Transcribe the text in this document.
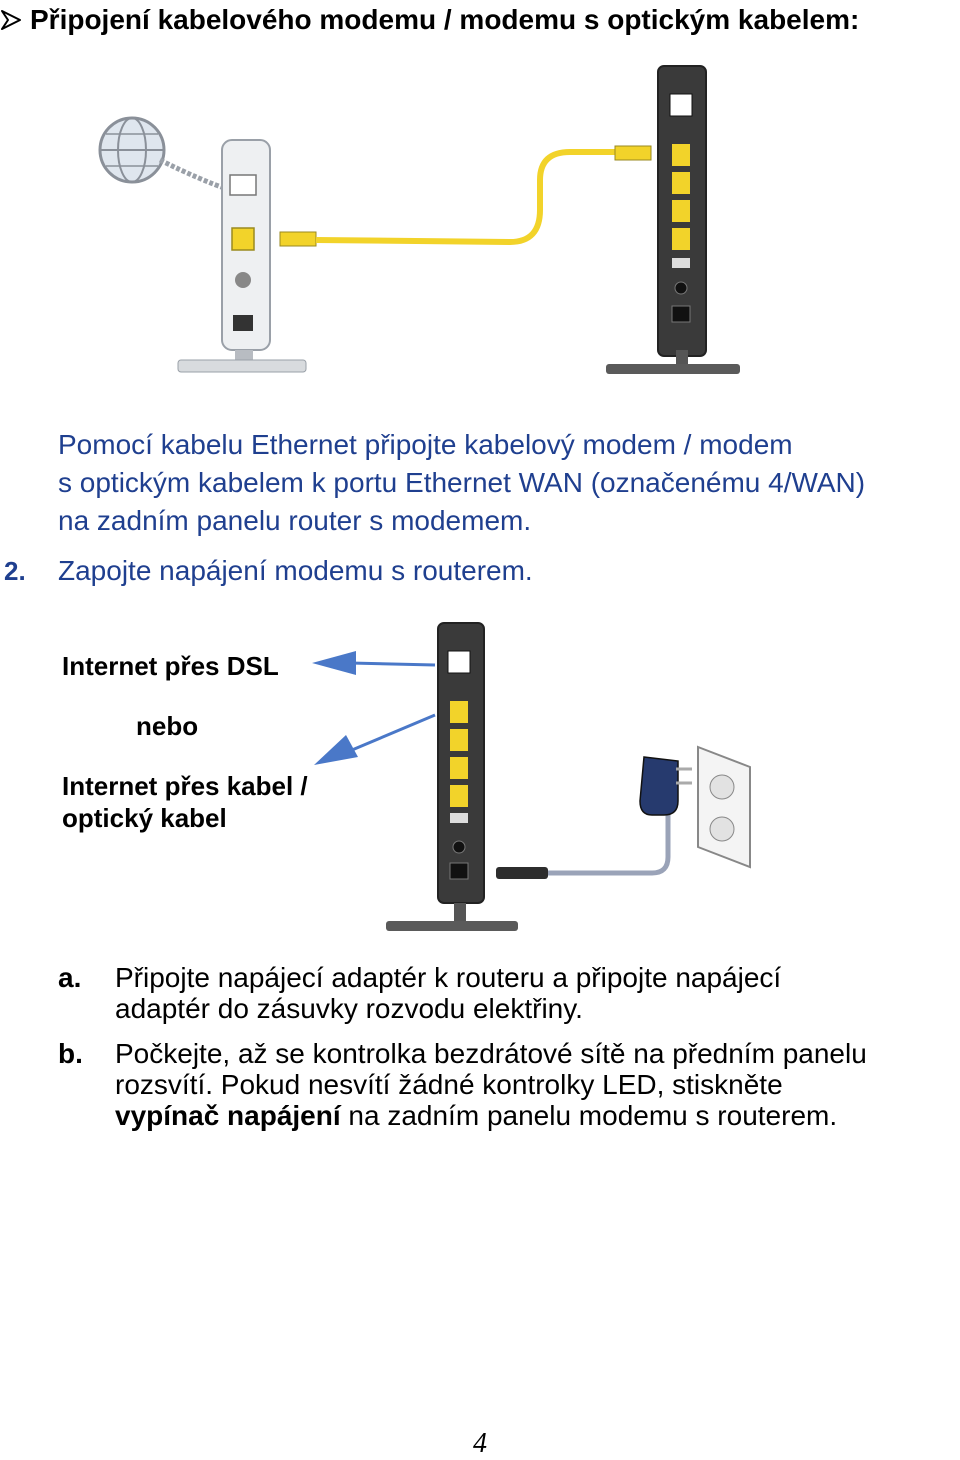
Připojení kabelového modemu / modemu s optickým kabelem:
Pomocí kabelu Ethernet připojte kabelový modem / modem
s optickým kabelem k portu Ethernet WAN (označenému 4/WAN)
na zadním panelu router s modemem.
2. Zapojte napájení modemu s routerem.
Internet přes DSL
nebo
Internet přes kabel /
optický kabel
a. Připojte napájecí adaptér k routeru a připojte napájecí
adaptér do zásuvky rozvodu elektřiny.
b. Počkejte, až se kontrolka bezdrátové sítě na předním panelu
rozsvítí. Pokud nesvítí žádné kontrolky LED, stiskněte
vypínač napájení na zadním panelu modemu s routerem.
4
